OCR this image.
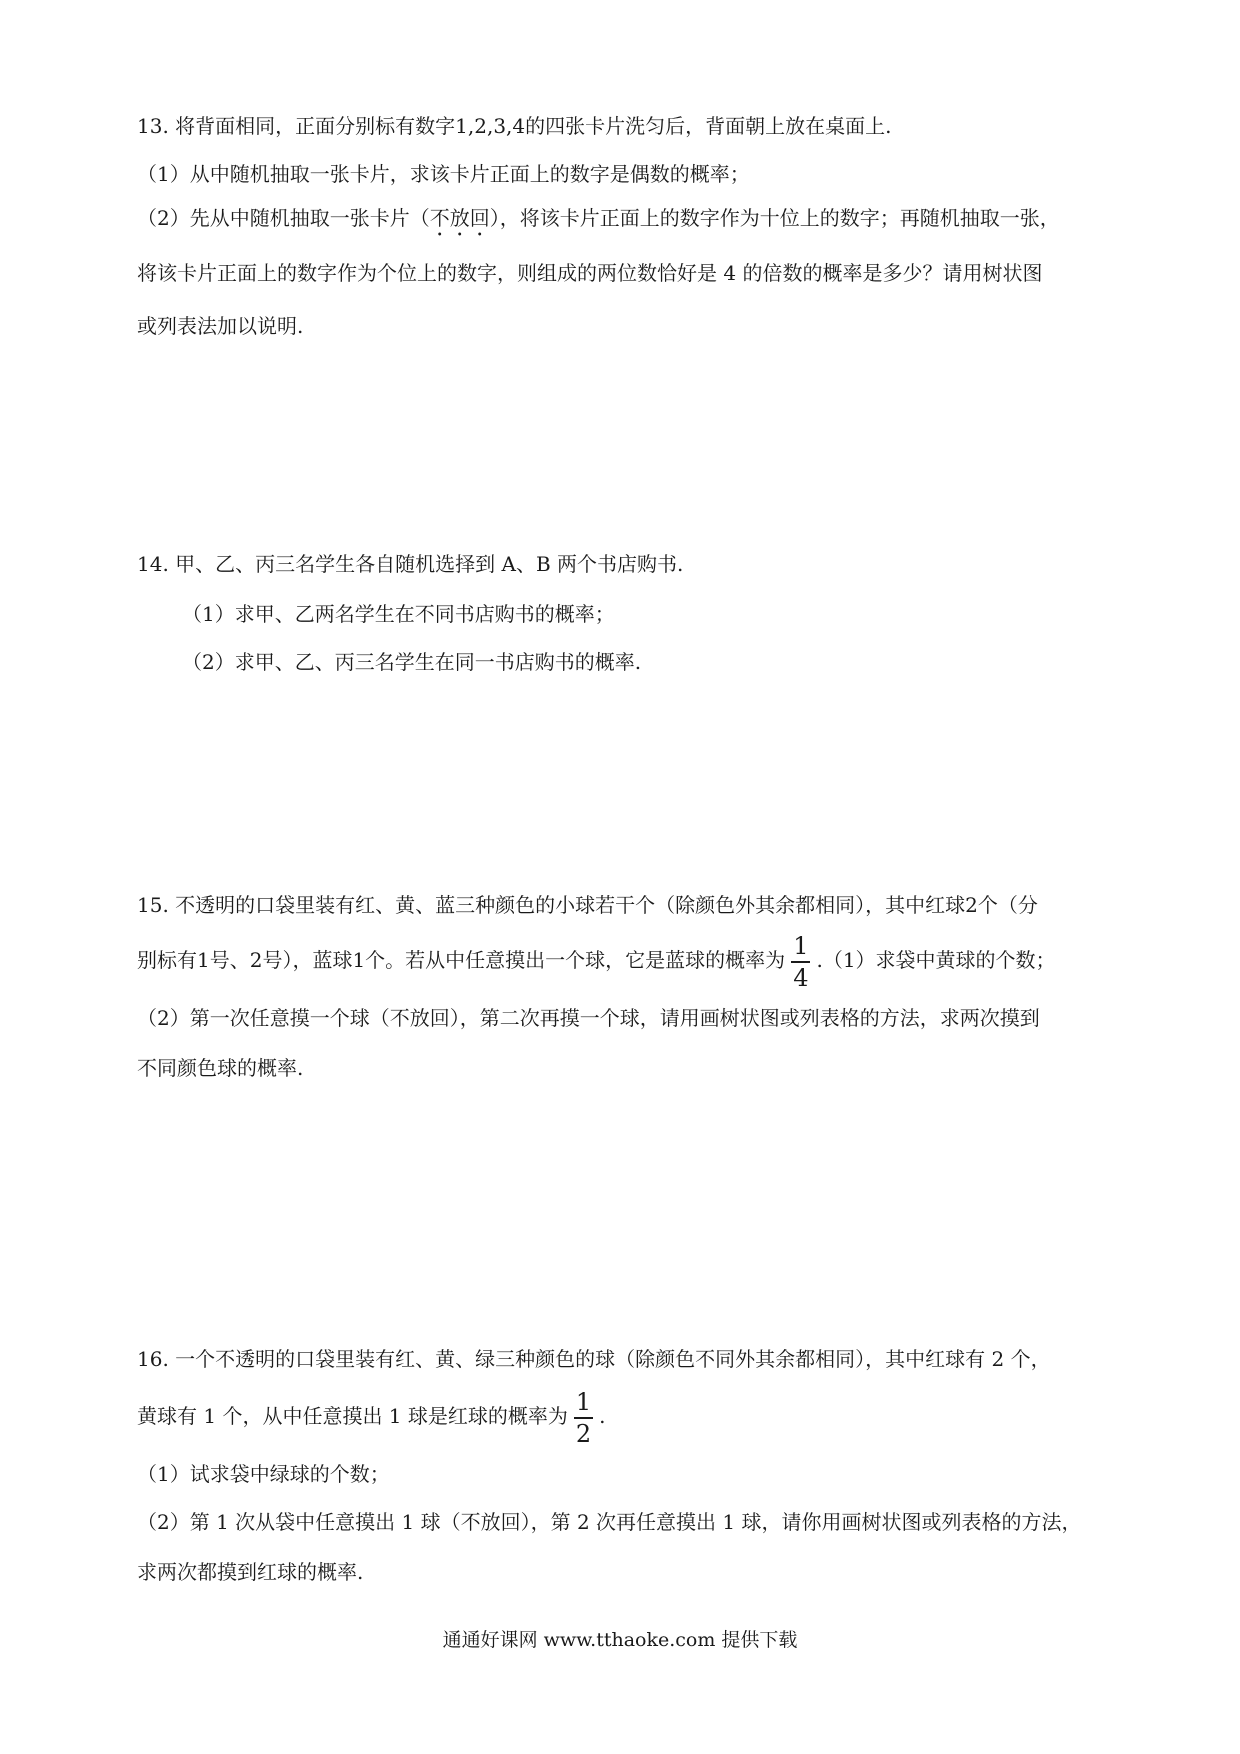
13. 将背面相同，正面分别标有数字1,2,3,4的四张卡片洗匀后，背面朝上放在桌面上.
（1）从中随机抽取一张卡片，求该卡片正面上的数字是偶数的概率；
（2）先从中随机抽取一张卡片（不放回），将该卡片正面上的数字作为十位上的数字；再随机抽取一张，
将该卡片正面上的数字作为个位上的数字，则组成的两位数恰好是 4 的倍数的概率是多少？请用树状图
或列表法加以说明.
14. 甲、乙、丙三名学生各自随机选择到 A、B 两个书店购书.
（1）求甲、乙两名学生在不同书店购书的概率；
（2）求甲、乙、丙三名学生在同一书店购书的概率.
15. 不透明的口袋里装有红、黄、蓝三种颜色的小球若干个（除颜色外其余都相同），其中红球2个（分
别标有1号、2号），蓝球1个。若从中任意摸出一个球，它是蓝球的概率为 $\frac{1}{4} .(1)$求袋中黄球的个数；
（2）第一次任意摸一个球（不放回），第二次再摸一个球，请用画树状图或列表格的方法，求两次摸到
不同颜色球的概率.
16. 一个不透明的口袋里装有红、黄、绿三种颜色的球（除颜色不同外其余都相同），其中红球有 2 个，
黄球有 1 个，从中任意摸出 1 球是红球的概率为 $\frac{1}{2}$ .
（1）试求袋中绿球的个数；
（2）第 1 次从袋中任意摸出 1 球（不放回），第 2 次再任意摸出 1 球，请你用画树状图或列表格的方法，
求两次都摸到红球的概率.
通通好课网 www.tthaoke.com 提供下载
